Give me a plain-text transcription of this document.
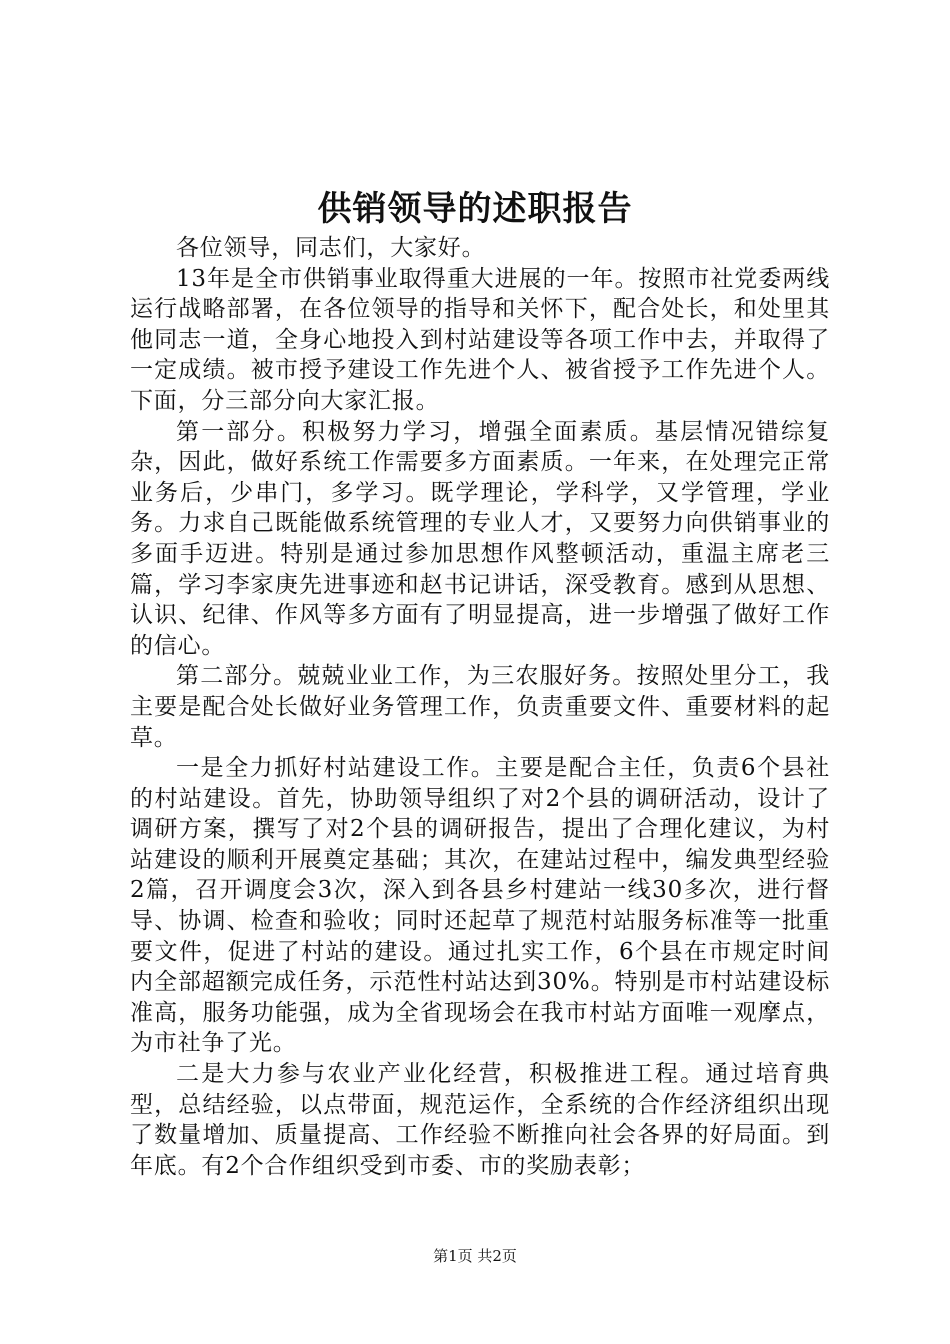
供销领导的述职报告

各位领导，同志们，大家好。

13年是全市供销事业取得重大进展的一年。按照市社党委两线运行战略部署，在各位领导的指导和关怀下，配合处长，和处里其他同志一道，全身心地投入到村站建设等各项工作中去，并取得了一定成绩。被市授予建设工作先进个人、被省授予工作先进个人。下面，分三部分向大家汇报。

第一部分。积极努力学习，增强全面素质。基层情况错综复杂，因此，做好系统工作需要多方面素质。一年来，在处理完正常业务后，少串门，多学习。既学理论，学科学，又学管理，学业务。力求自己既能做系统管理的专业人才，又要努力向供销事业的多面手迈进。特别是通过参加思想作风整顿活动，重温主席老三篇，学习李家庚先进事迹和赵书记讲话，深受教育。感到从思想、认识、纪律、作风等多方面有了明显提高，进一步增强了做好工作的信心。

第二部分。兢兢业业工作，为三农服好务。按照处里分工，我主要是配合处长做好业务管理工作，负责重要文件、重要材料的起草。

一是全力抓好村站建设工作。主要是配合主任，负责6个县社的村站建设。首先，协助领导组织了对2个县的调研活动，设计了调研方案，撰写了对2个县的调研报告，提出了合理化建议，为村站建设的顺利开展奠定基础；其次，在建站过程中，编发典型经验2篇，召开调度会3次，深入到各县乡村建站一线30多次，进行督导、协调、检查和验收；同时还起草了规范村站服务标准等一批重要文件，促进了村站的建设。通过扎实工作，6个县在市规定时间内全部超额完成任务，示范性村站达到30%。特别是市村站建设标准高，服务功能强，成为全省现场会在我市村站方面唯一观摩点，为市社争了光。

二是大力参与农业产业化经营，积极推进工程。通过培育典型，总结经验，以点带面，规范运作，全系统的合作经济组织出现了数量增加、质量提高、工作经验不断推向社会各界的好局面。到年底。有2个合作组织受到市委、市的奖励表彰；

第1页 共2页
